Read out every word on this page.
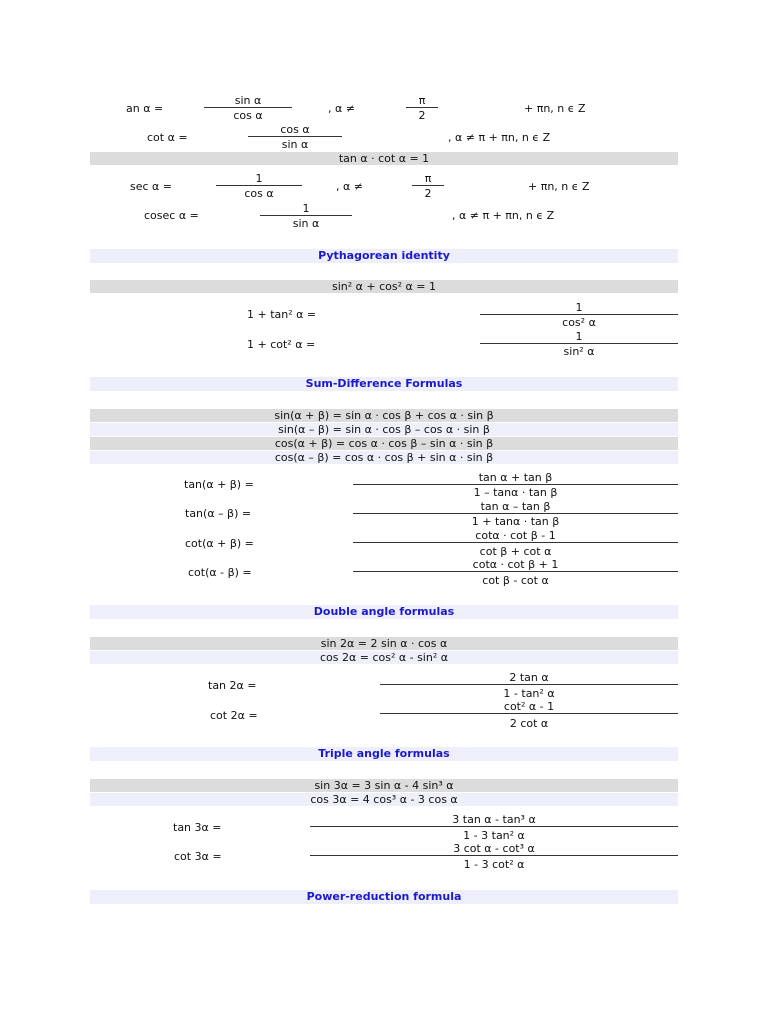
an α =
sin α
cos α
, α ≠
π
2
+ πn, n ϵ Z
cot α =
cos α
sin α
, α ≠ π + πn, n ϵ Z
tan α · cot α = 1
sec α =
1
cos α
, α ≠
π
2
+ πn, n ϵ Z
cosec α =
1
sin α
, α ≠ π + πn, n ϵ Z
Pythagorean identity
sin² α + cos² α = 1
1 + tan² α =
1
cos² α
1 + cot² α =
1
sin² α
Sum-Difference Formulas
sin(α + β) = sin α · cos β + cos α · sin β
sin(α – β) = sin α · cos β – cos α · sin β
cos(α + β) = cos α · cos β – sin α · sin β
cos(α – β) = cos α · cos β + sin α · sin β
tan(α + β) =
tan α + tan β
1 – tanα · tan β
tan(α – β) =
tan α – tan β
1 + tanα · tan β
cot(α + β) =
cotα · cot β - 1
cot β + cot α
cot(α - β) =
cotα · cot β + 1
cot β - cot α
Double angle formulas
sin 2α = 2 sin α · cos α
cos 2α = cos² α - sin² α
tan 2α =
2 tan α
1 - tan² α
cot 2α =
cot² α - 1
2 cot α
Triple angle formulas
sin 3α = 3 sin α - 4 sin³ α
cos 3α = 4 cos³ α - 3 cos α
tan 3α =
3 tan α - tan³ α
1 - 3 tan² α
cot 3α =
3 cot α - cot³ α
1 - 3 cot² α
Power-reduction formula
